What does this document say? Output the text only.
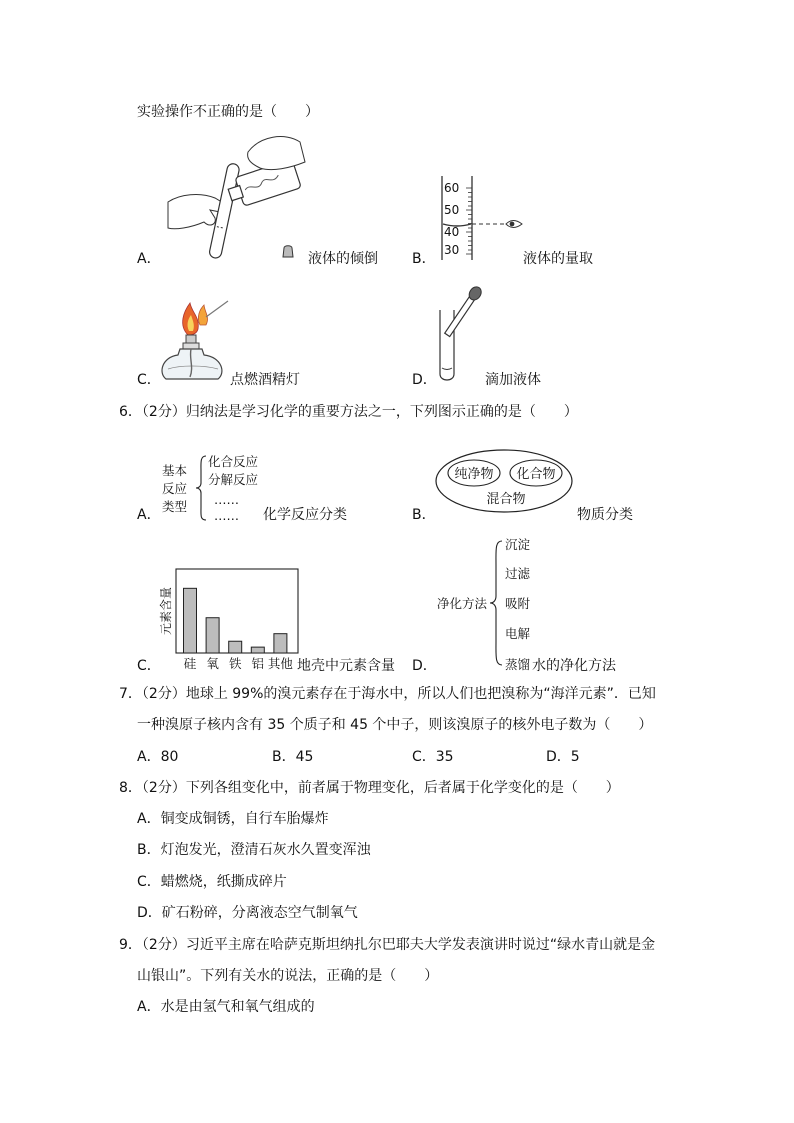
实验操作不正确的是（　　）
A．	液体的倾倒 B．
60
50
40
30
液体的量取
C．	点燃酒精灯	D．	滴加液体
6．（2分）归纳法是学习化学的重要方法之一，下列图示正确的是（　　）
A．
基本
反应
类型
化合反应
分解反应
……
…… 化学反应分类	B．
纯净物 化合物
混合物
物质分类
C．
元素含量
硅 氧 铁 铝 其他 地壳中元素含量 D．
净化方法
沉淀
过滤
吸附
电解
蒸馏 水的净化方法
7．（2分）地球上 99%的溴元素存在于海水中，所以人们也把溴称为“海洋元素”．已知
一种溴原子核内含有 35 个质子和 45 个中子，则该溴原子的核外电子数为（　　）
A．80	B．45	C．35	D．5
8．（2分）下列各组变化中，前者属于物理变化，后者属于化学变化的是（　　）
A．铜变成铜锈，自行车胎爆炸
B．灯泡发光，澄清石灰水久置变浑浊
C．蜡燃烧，纸撕成碎片
D．矿石粉碎，分离液态空气制氧气
9．（2分）习近平主席在哈萨克斯坦纳扎尔巴耶夫大学发表演讲时说过“绿水青山就是金
山银山”。下列有关水的说法，正确的是（　　）
A．水是由氢气和氧气组成的
